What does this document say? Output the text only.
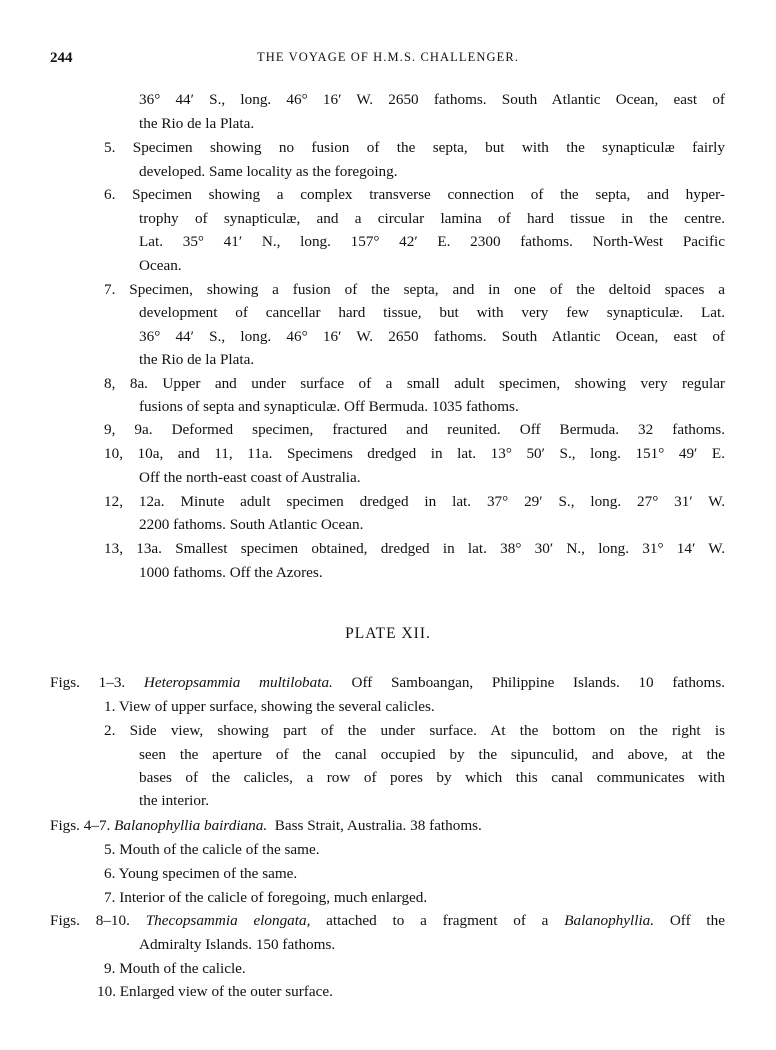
244	THE VOYAGE OF H.M.S. CHALLENGER.
36° 44′ S., long. 46° 16′ W. 2650 fathoms. South Atlantic Ocean, east of
the Rio de la Plata.
5. Specimen showing no fusion of the septa, but with the synapticulæ fairly
developed. Same locality as the foregoing.
6. Specimen showing a complex transverse connection of the septa, and hyper-
trophy of synapticulæ, and a circular lamina of hard tissue in the centre.
Lat. 35° 41′ N., long. 157° 42′ E. 2300 fathoms. North-West Pacific
Ocean.
7. Specimen, showing a fusion of the septa, and in one of the deltoid spaces a
development of cancellar hard tissue, but with very few synapticulæ. Lat.
36° 44′ S., long. 46° 16′ W. 2650 fathoms. South Atlantic Ocean, east of
the Rio de la Plata.
8, 8a. Upper and under surface of a small adult specimen, showing very regular
fusions of septa and synapticulæ. Off Bermuda. 1035 fathoms.
9, 9a. Deformed specimen, fractured and reunited. Off Bermuda. 32 fathoms.
10, 10a, and 11, 11a. Specimens dredged in lat. 13° 50′ S., long. 151° 49′ E.
Off the north-east coast of Australia.
12, 12a. Minute adult specimen dredged in lat. 37° 29′ S., long. 27° 31′ W.
2200 fathoms. South Atlantic Ocean.
13, 13a. Smallest specimen obtained, dredged in lat. 38° 30′ N., long. 31° 14′ W.
1000 fathoms. Off the Azores.
PLATE XII.
Figs. 1–3. Heteropsammia multilobata. Off Samboangan, Philippine Islands. 10 fathoms.
1. View of upper surface, showing the several calicles.
2. Side view, showing part of the under surface. At the bottom on the right is
seen the aperture of the canal occupied by the sipunculid, and above, at the
bases of the calicles, a row of pores by which this canal communicates with
the interior.
Figs. 4–7. Balanophyllia bairdiana. Bass Strait, Australia. 38 fathoms.
5. Mouth of the calicle of the same.
6. Young specimen of the same.
7. Interior of the calicle of foregoing, much enlarged.
Figs. 8–10. Thecopsammia elongata, attached to a fragment of a Balanophyllia. Off the
Admiralty Islands. 150 fathoms.
9. Mouth of the calicle.
10. Enlarged view of the outer surface.
